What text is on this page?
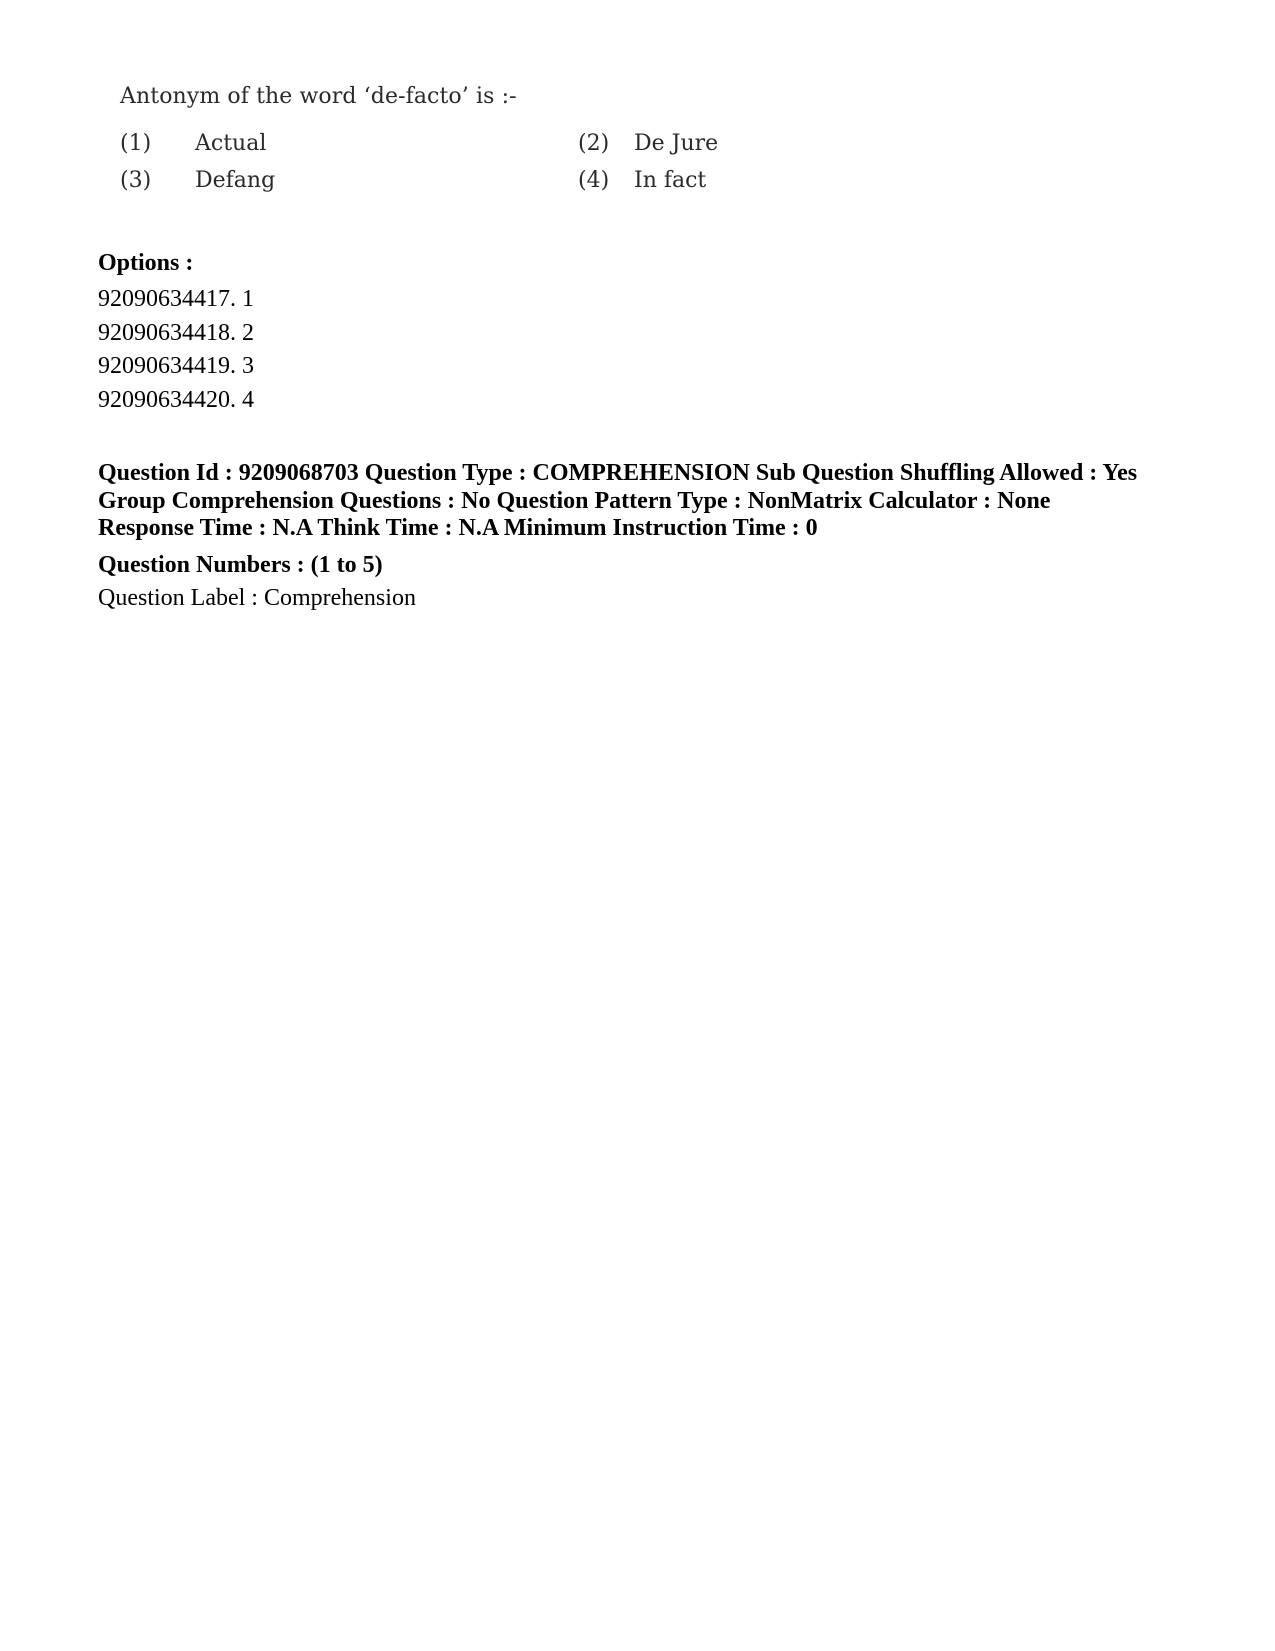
Antonym of the word ‘de-facto’ is :-
(1) Actual	(2) De Jure
(3) Defang	(4) In fact
Options :
92090634417. 1
92090634418. 2
92090634419. 3
92090634420. 4
Question Id : 9209068703 Question Type : COMPREHENSION Sub Question Shuffling Allowed : Yes
Group Comprehension Questions : No Question Pattern Type : NonMatrix Calculator : None
Response Time : N.A Think Time : N.A Minimum Instruction Time : 0
Question Numbers : (1 to 5)
Question Label : Comprehension
